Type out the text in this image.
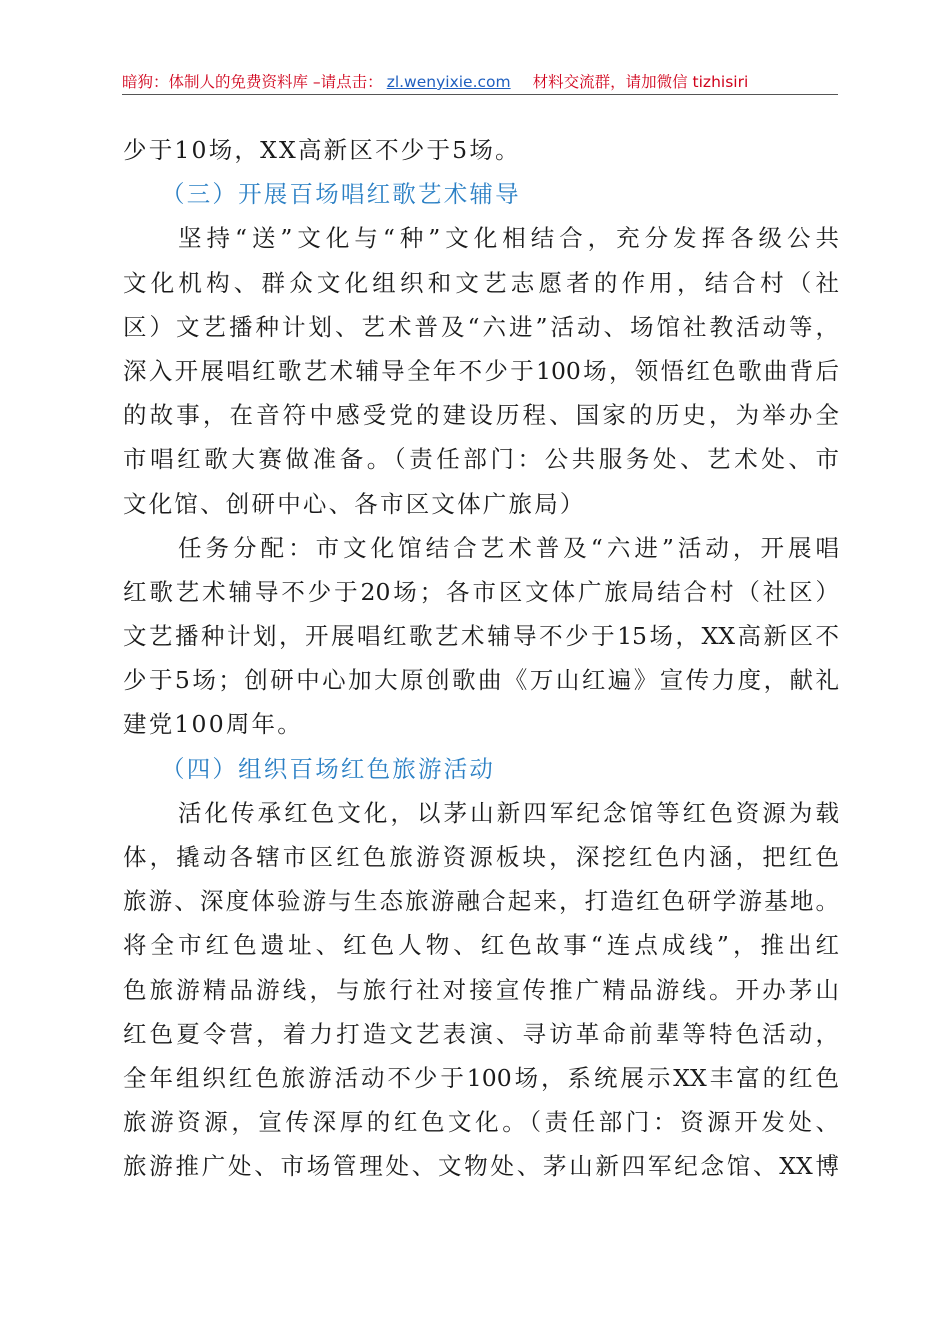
暗狗：体制人的免费资料库 –请点击： zl.wenyixie.com 材料交流群，请加微信 tizhisiri
少于10场，XX高新区不少于5场。
（三）开展百场唱红歌艺术辅导
坚持“送”文化与“种”文化相结合，充分发挥各级公共
文化机构、群众文化组织和文艺志愿者的作用，结合村（社
区）文艺播种计划、艺术普及“六进”活动、场馆社教活动等，
深入开展唱红歌艺术辅导全年不少于100场，领悟红色歌曲背后
的故事，在音符中感受党的建设历程、国家的历史，为举办全
市唱红歌大赛做准备。（责任部门：公共服务处、艺术处、市
文化馆、创研中心、各市区文体广旅局）
任务分配：市文化馆结合艺术普及“六进”活动，开展唱
红歌艺术辅导不少于20场；各市区文体广旅局结合村（社区）
文艺播种计划，开展唱红歌艺术辅导不少于15场，XX高新区不
少于5场；创研中心加大原创歌曲《万山红遍》宣传力度，献礼
建党100周年。
（四）组织百场红色旅游活动
活化传承红色文化，以茅山新四军纪念馆等红色资源为载
体，撬动各辖市区红色旅游资源板块，深挖红色内涵，把红色
旅游、深度体验游与生态旅游融合起来，打造红色研学游基地。
将全市红色遗址、红色人物、红色故事“连点成线”，推出红
色旅游精品游线，与旅行社对接宣传推广精品游线。开办茅山
红色夏令营，着力打造文艺表演、寻访革命前辈等特色活动，
全年组织红色旅游活动不少于100场，系统展示XX丰富的红色
旅游资源，宣传深厚的红色文化。（责任部门：资源开发处、
旅游推广处、市场管理处、文物处、茅山新四军纪念馆、XX博
